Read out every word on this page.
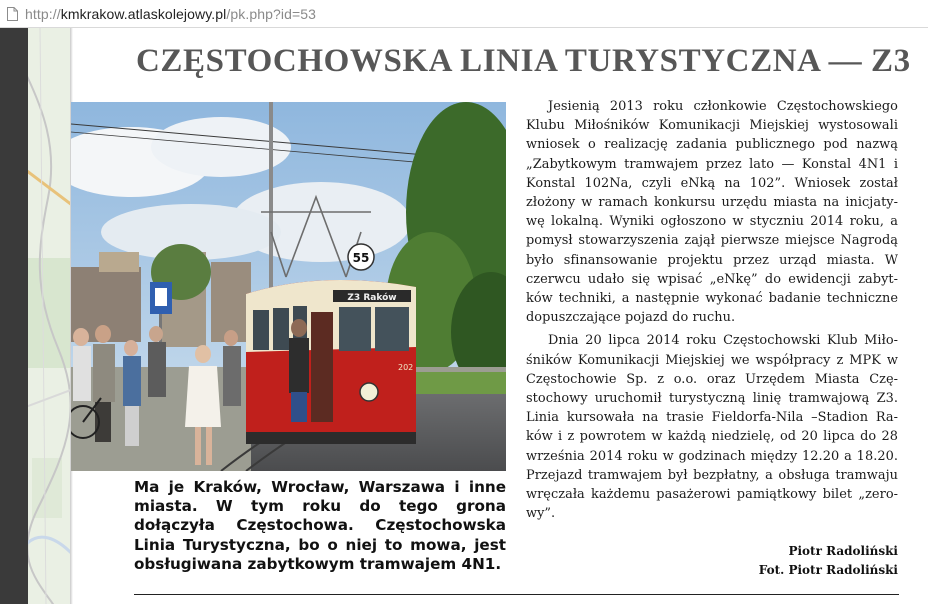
http://kmkrakow.atlaskolejowy.pl/pk.php?id=53
CZĘSTOCHOWSKA LINIA TURYSTYCZNA — Z3
55
Z3 Raków
202
Ma je Kraków, Wrocław, Warszawa i inne miasta. W tym roku do tego grona dołączyła Częstochowa. Częstochowska Linia Turystyczna, bo o niej to mowa, jest obsługiwana zabytkowym tramwajem 4N1.

Jesienią 2013 roku członkowie Częstochowskiego Klubu Miłośników Komunikacji Miejskiej wystosowali wniosek o realizację zadania publicznego pod nazwą „Zabytkowym tramwajem przez lato — Konstal 4N1 i Konstal 102Na, czyli eNką na 102”. Wniosek został złożony w ramach konkursu urzędu miasta na inicjatywę lokalną. Wyniki ogłoszono w styczniu 2014 roku, a pomysł stowarzyszenia zajął pierwsze miejsce Nagrodą było sfinansowanie projektu przez urząd miasta. W czerwcu udało się wpisać „eNkę” do ewidencji zabytków techniki, a następnie wykonać badanie techniczne dopuszczające pojazd do ruchu.

Dnia 20 lipca 2014 roku Częstochowski Klub Miłośników Komunikacji Miejskiej we współpracy z MPK w Częstochowie Sp. z o.o. oraz Urzędem Miasta Częstochowy uruchomił turystyczną linię tramwajową Z3. Linia kursowała na trasie Fieldorfa-Nila –Stadion Raków i z powrotem w każdą niedzielę, od 20 lipca do 28 września 2014 roku w godzinach między 12.20 a 18.20. Przejazd tramwajem był bezpłatny, a obsługa tramwaju wręczała każdemu pasażerowi pamiątkowy bilet „zerowy”.

Piotr Radoliński
Fot. Piotr Radoliński
